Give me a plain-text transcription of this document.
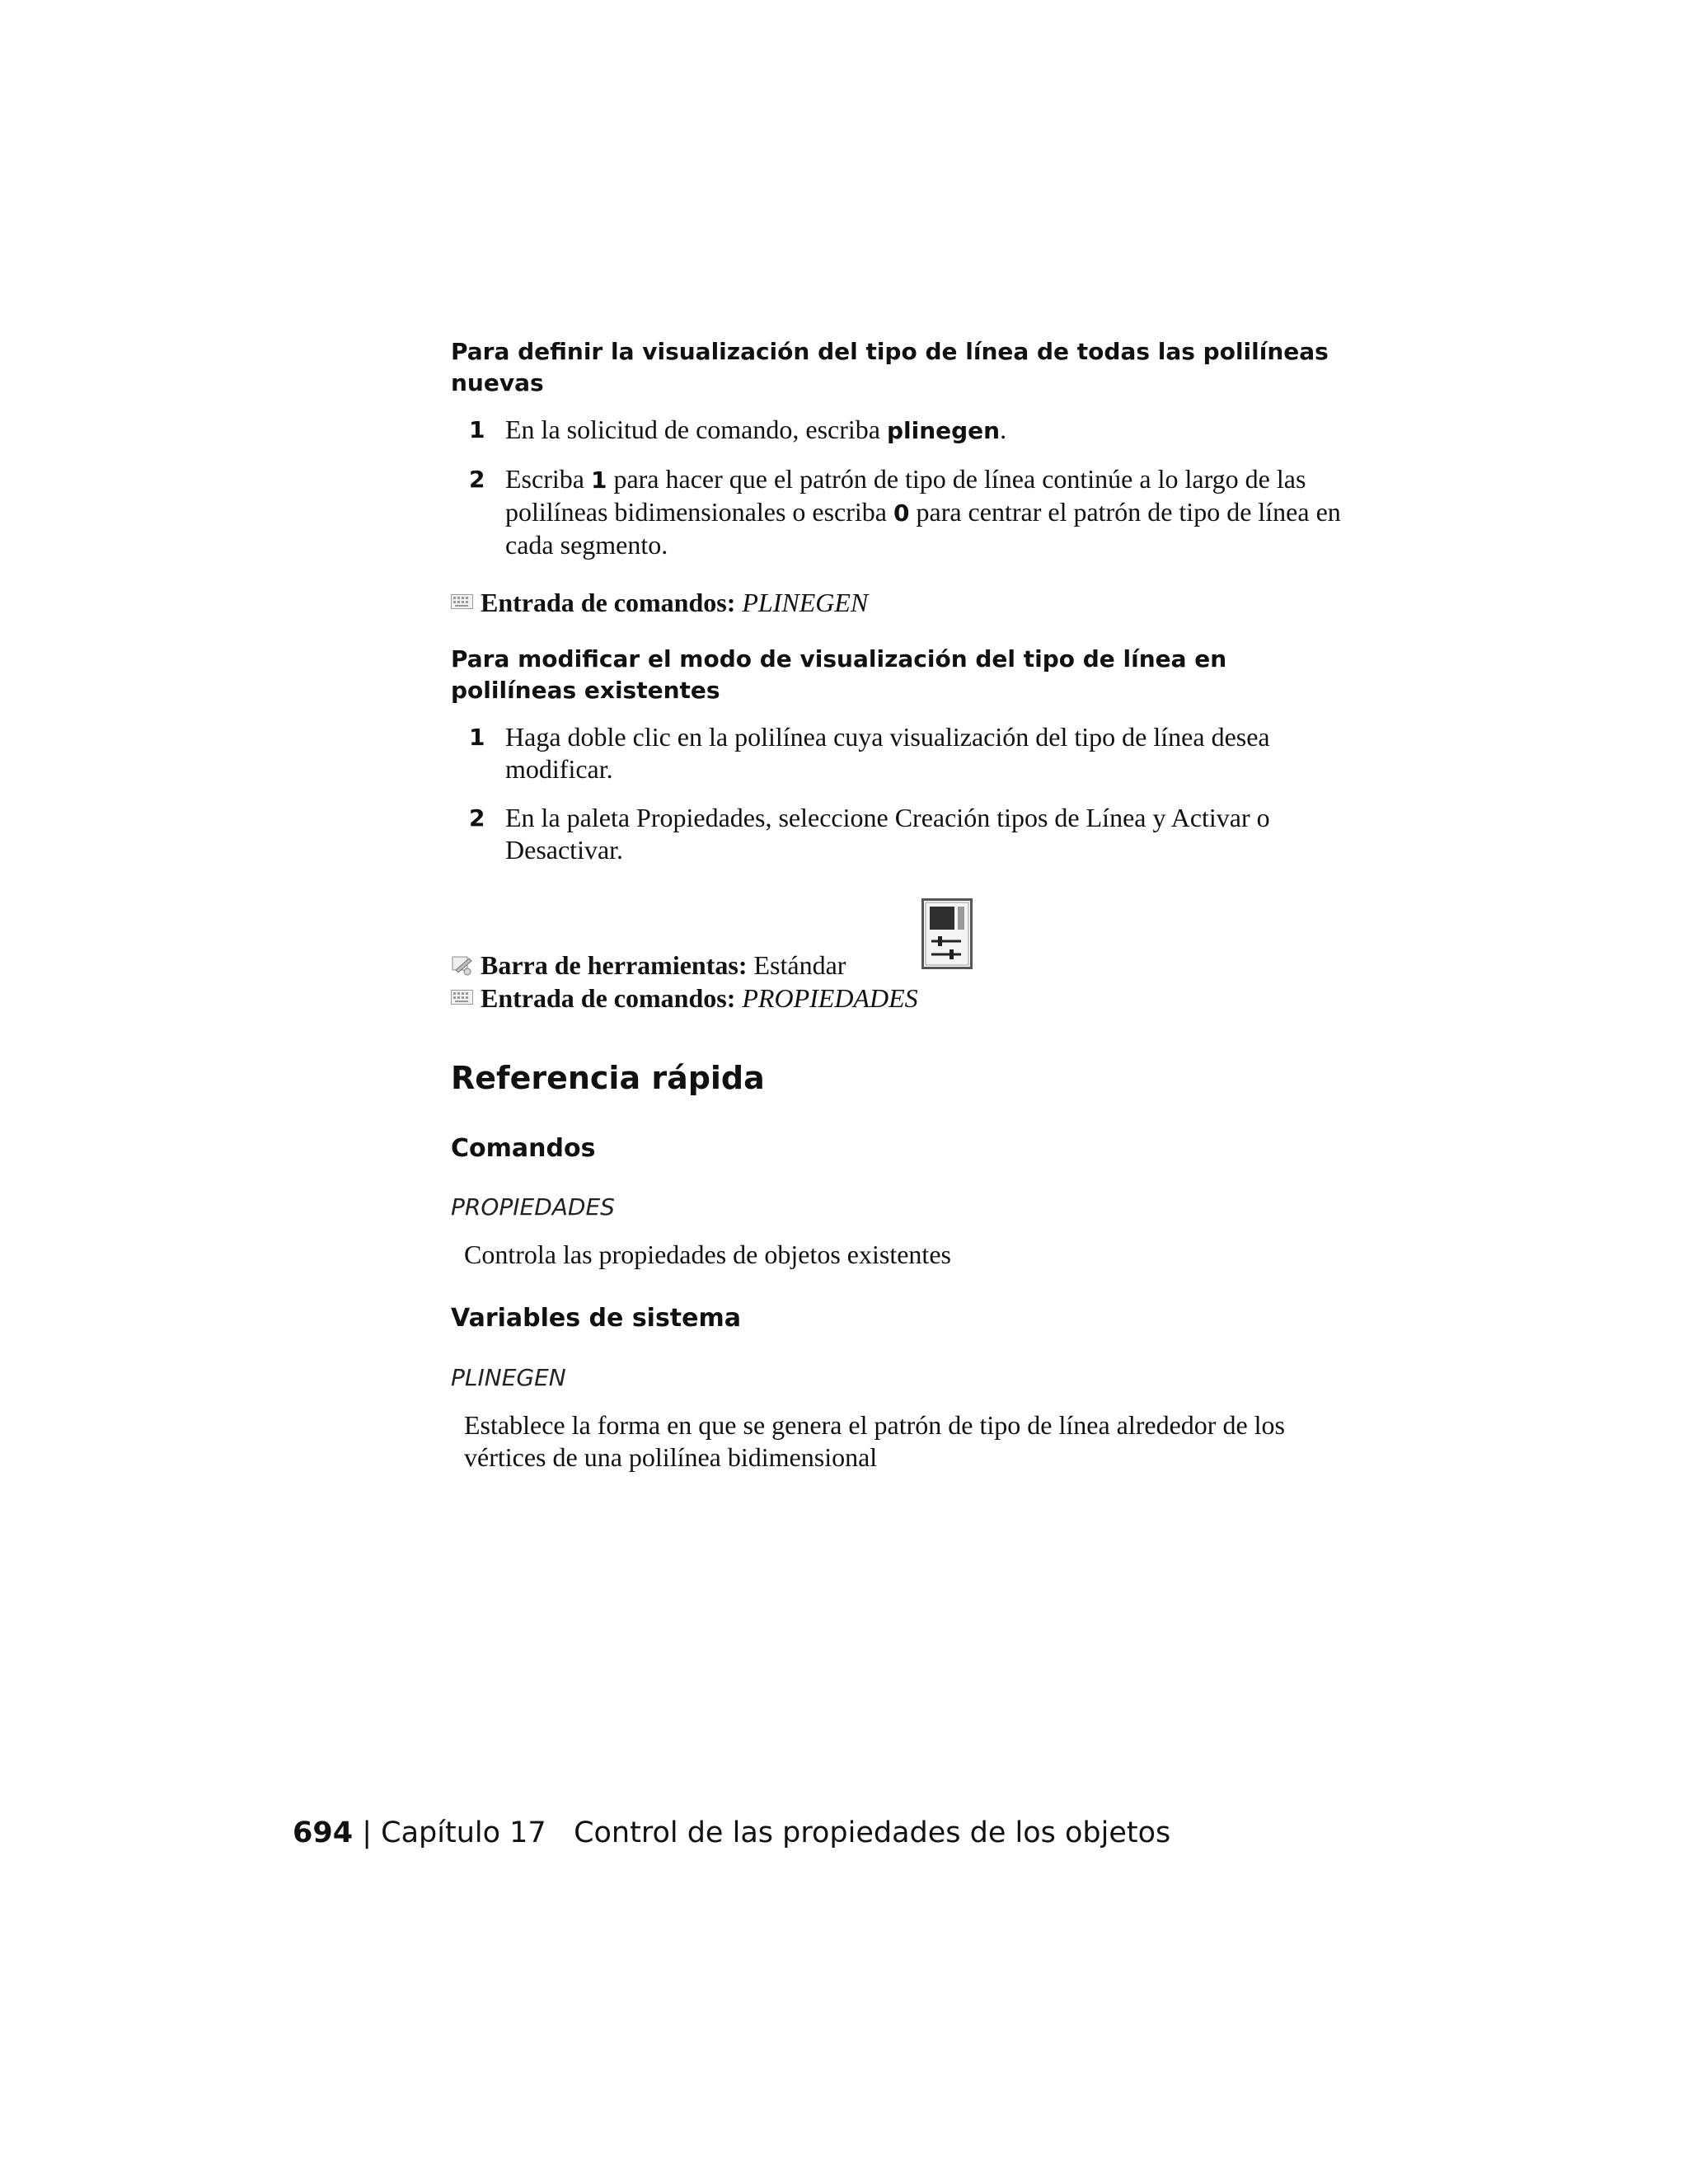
Para definir la visualización del tipo de línea de todas las polilíneas nuevas
1 En la solicitud de comando, escriba plinegen.
2 Escriba 1 para hacer que el patrón de tipo de línea continúe a lo largo de las polilíneas bidimensionales o escriba 0 para centrar el patrón de tipo de línea en cada segmento.
Entrada de comandos: PLINEGEN
Para modificar el modo de visualización del tipo de línea en polilíneas existentes
1 Haga doble clic en la polilínea cuya visualización del tipo de línea desea modificar.
2 En la paleta Propiedades, seleccione Creación tipos de Línea y Activar o Desactivar.
Barra de herramientas: Estándar
Entrada de comandos: PROPIEDADES
Referencia rápida
Comandos
PROPIEDADES
Controla las propiedades de objetos existentes
Variables de sistema
PLINEGEN
Establece la forma en que se genera el patrón de tipo de línea alrededor de los vértices de una polilínea bidimensional
694 | Capítulo 17 Control de las propiedades de los objetos
